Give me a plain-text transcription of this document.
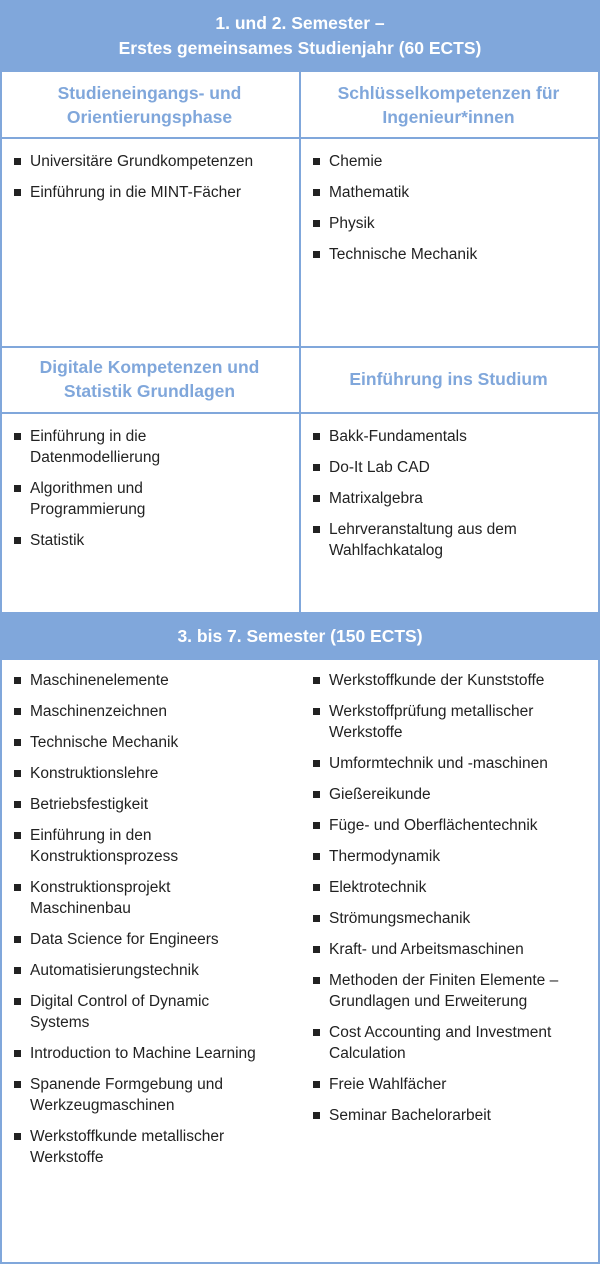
1. und 2. Semester –
Erstes gemeinsames Studienjahr (60 ECTS)
Studieneingangs- und Orientierungsphase
Schlüsselkompetenzen für Ingenieur*innen
Digitale Kompetenzen und Statistik Grundlagen
Einführung ins Studium
Universitäre Grundkompetenzen
Einführung in die MINT-Fächer
Chemie
Mathematik
Physik
Technische Mechanik
Einführung in die Datenmodellierung
Algorithmen und Programmierung
Statistik
Bakk-Fundamentals
Do-It Lab CAD
Matrixalgebra
Lehrveranstaltung aus dem Wahlfachkatalog
3. bis 7. Semester (150 ECTS)
Maschinenelemente
Maschinenzeichnen
Technische Mechanik
Konstruktionslehre
Betriebsfestigkeit
Einführung in den Konstruktionsprozess
Konstruktionsprojekt Maschinenbau
Data Science for Engineers
Automatisierungstechnik
Digital Control of Dynamic Systems
Introduction to Machine Learning
Spanende Formgebung und Werkzeugmaschinen
Werkstoffkunde metallischer Werkstoffe
Werkstoffkunde der Kunststoffe
Werkstoffprüfung metallischer Werkstoffe
Umformtechnik und -maschinen
Gießereikunde
Füge- und Oberflächentechnik
Thermodynamik
Elektrotechnik
Strömungsmechanik
Kraft- und Arbeitsmaschinen
Methoden der Finiten Elemente – Grundlagen und Erweiterung
Cost Accounting and Investment Calculation
Freie Wahlfächer
Seminar Bachelorarbeit
